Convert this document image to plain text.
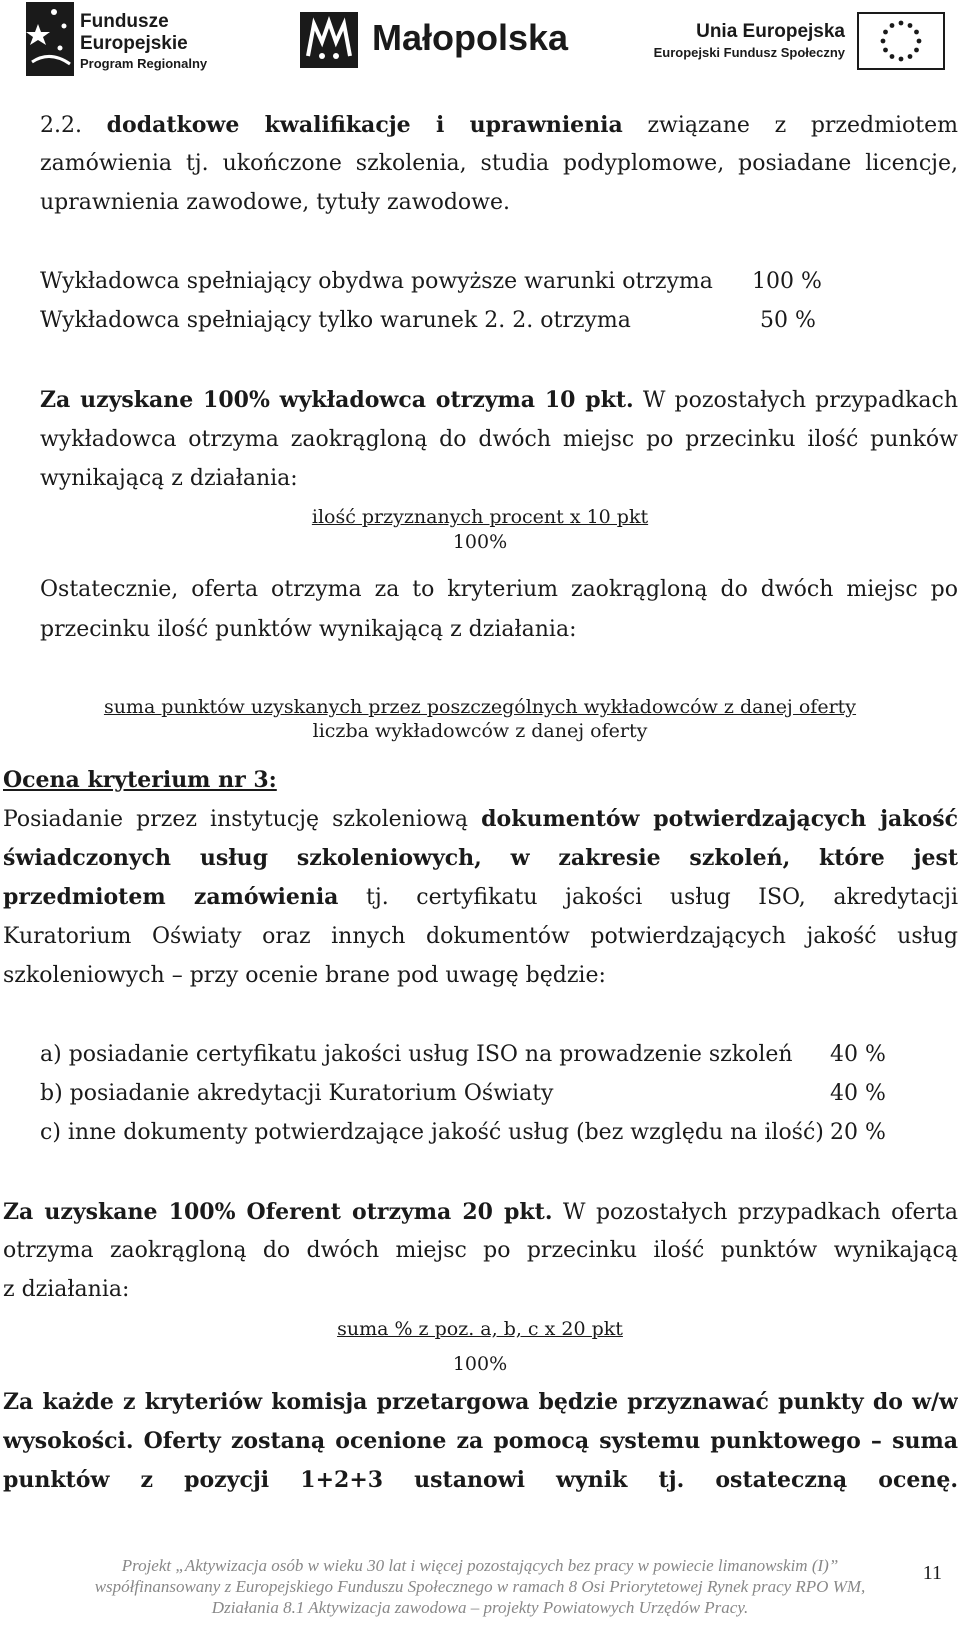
Fundusze
Europejskie
Program Regionalny
Małopolska	Unia Europejska
Europejski Fundusz Społeczny
2.2. dodatkowe kwalifikacje i uprawnienia związane z przedmiotem
zamówienia tj. ukończone szkolenia, studia podyplomowe, posiadane licencje,
uprawnienia zawodowe, tytuły zawodowe.
Wykładowca spełniający obydwa powyższe warunki otrzyma 100 %
Wykładowca spełniający tylko warunek 2. 2. otrzyma	50 %
Za uzyskane 100% wykładowca otrzyma 10 pkt. W pozostałych przypadkach
wykładowca otrzyma zaokrągloną do dwóch miejsc po przecinku ilość punków
wynikającą z działania:
ilość przyznanych procent x 10 pkt
100%
Ostatecznie, oferta otrzyma za to kryterium zaokrągloną do dwóch miejsc po
przecinku ilość punktów wynikającą z działania:
suma punktów uzyskanych przez poszczególnych wykładowców z danej oferty
liczba wykładowców z danej oferty
Ocena kryterium nr 3:
Posiadanie przez instytucję szkoleniową dokumentów potwierdzających jakość
świadczonych usług szkoleniowych, w zakresie szkoleń, które jest
przedmiotem zamówienia tj. certyfikatu jakości usług ISO, akredytacji
Kuratorium Oświaty oraz innych dokumentów potwierdzających jakość usług
szkoleniowych – przy ocenie brane pod uwagę będzie:
a) posiadanie certyfikatu jakości usług ISO na prowadzenie szkoleń 40 %
b) posiadanie akredytacji Kuratorium Oświaty	40 %
c) inne dokumenty potwierdzające jakość usług (bez względu na ilość) 20 %
Za uzyskane 100% Oferent otrzyma 20 pkt. W pozostałych przypadkach oferta
otrzyma zaokrągloną do dwóch miejsc po przecinku ilość punktów wynikającą
z działania:
suma % z poz. a, b, c x 20 pkt
100%
Za każde z kryteriów komisja przetargowa będzie przyznawać punkty do w/w
wysokości. Oferty zostaną ocenione za pomocą systemu punktowego – suma
punktów z pozycji 1+2+3 ustanowi wynik tj. ostateczną ocenę.
Projekt „Aktywizacja osób w wieku 30 lat i więcej pozostających bez pracy w powiecie limanowskim (I)”
współfinansowany z Europejskiego Funduszu Społecznego w ramach 8 Osi Priorytetowej Rynek pracy RPO WM,
Działania 8.1 Aktywizacja zawodowa – projekty Powiatowych Urzędów Pracy.
11
